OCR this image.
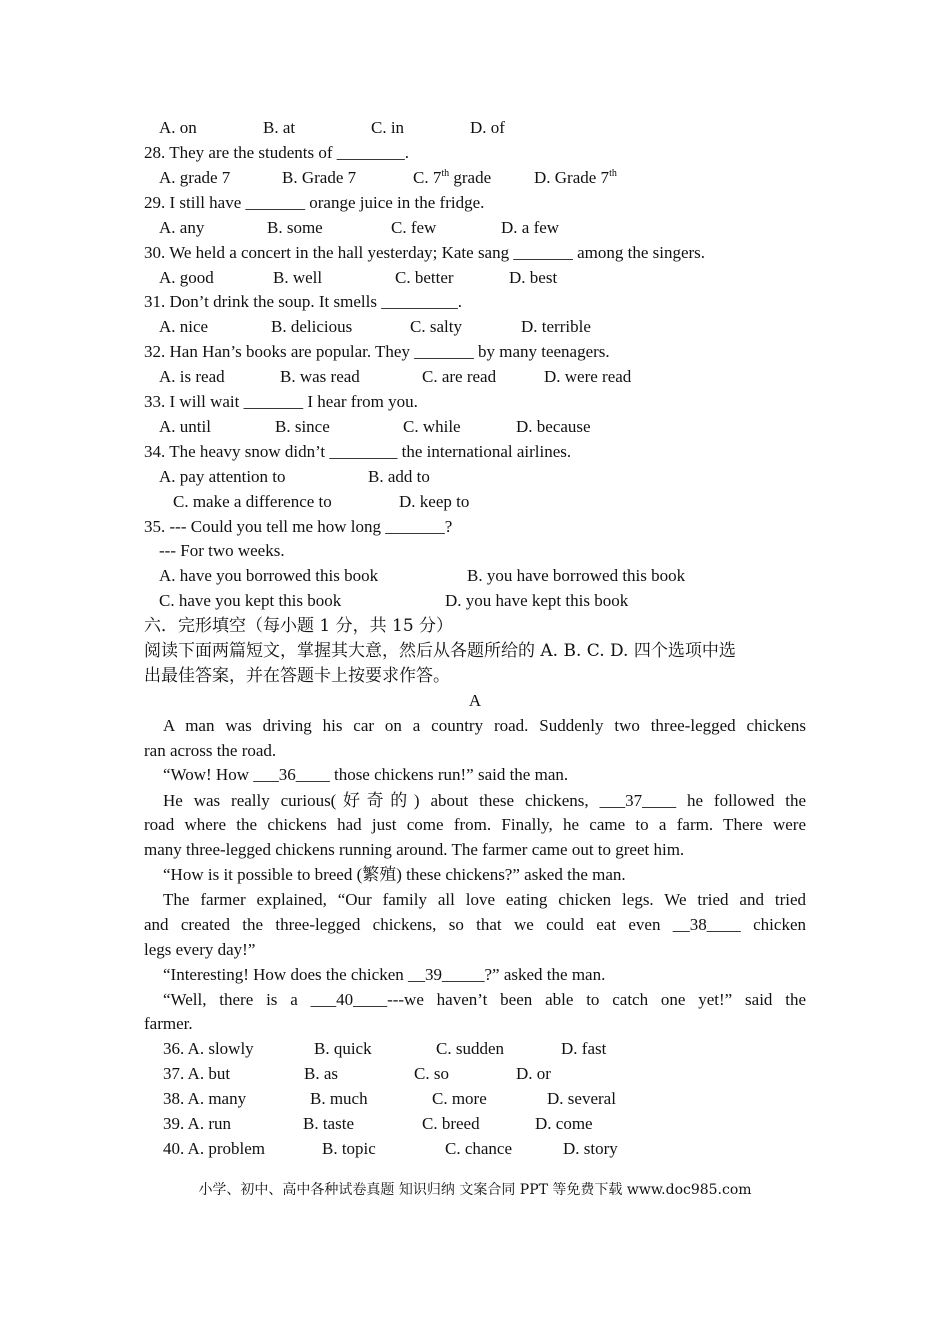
A. on	B. at	C. in	D. of
28. They are the students of ________.
A. grade 7	B. Grade 7	C. 7th grade	D. Grade 7th
29. I still have _______ orange juice in the fridge.
A. any	B. some	C. few	D. a few
30. We held a concert in the hall yesterday; Kate sang _______ among the singers.
A. good	B. well	C. better	D. best
31. Don’t drink the soup. It smells _________.
A. nice	B. delicious	C. salty	D. terrible
32. Han Han’s books are popular. They _______ by many teenagers.
A. is read	B. was read	C. are read	D. were read
33. I will wait _______ I hear from you.
A. until	B. since	C. while	D. because
34. The heavy snow didn’t ________ the international airlines.
A. pay attention to	B. add to
C. make a difference to	D. keep to
35. --- Could you tell me how long _______?
--- For two weeks.
A. have you borrowed this book	B. you have borrowed this book
C. have you kept this book	D. you have kept this book
六．完形填空（每小题 1 分，共 15 分）
阅读下面两篇短文，掌握其大意，然后从各题所给的 A. B. C. D. 四个选项中选
出最佳答案，并在答题卡上按要求作答。
A
A man was driving his car on a country road. Suddenly two three-legged chickens
ran across the road.
“Wow! How ___36____ those chickens run!” said the man.
He was really curious(好奇的) about these chickens, ___37____ he followed the
road where the chickens had just come from. Finally, he came to a farm. There were
many three-legged chickens running around. The farmer came out to greet him.
“How is it possible to breed (繁殖) these chickens?” asked the man.
The farmer explained, “Our family all love eating chicken legs. We tried and tried
and created the three-legged chickens, so that we could eat even __38____ chicken
legs every day!”
“Interesting! How does the chicken __39_____?” asked the man.
“Well, there is a ___40____---we haven’t been able to catch one yet!” said the
farmer.
36. A. slowly	B. quick	C. sudden	D. fast
37. A. but	B. as	C. so	D. or
38. A. many	B. much	C. more	D. several
39. A. run	B. taste	C. breed	D. come
40. A. problem	B. topic	C. chance	D. story
小学、初中、高中各种试卷真题 知识归纳 文案合同 PPT 等免费下载 www.doc985.com
